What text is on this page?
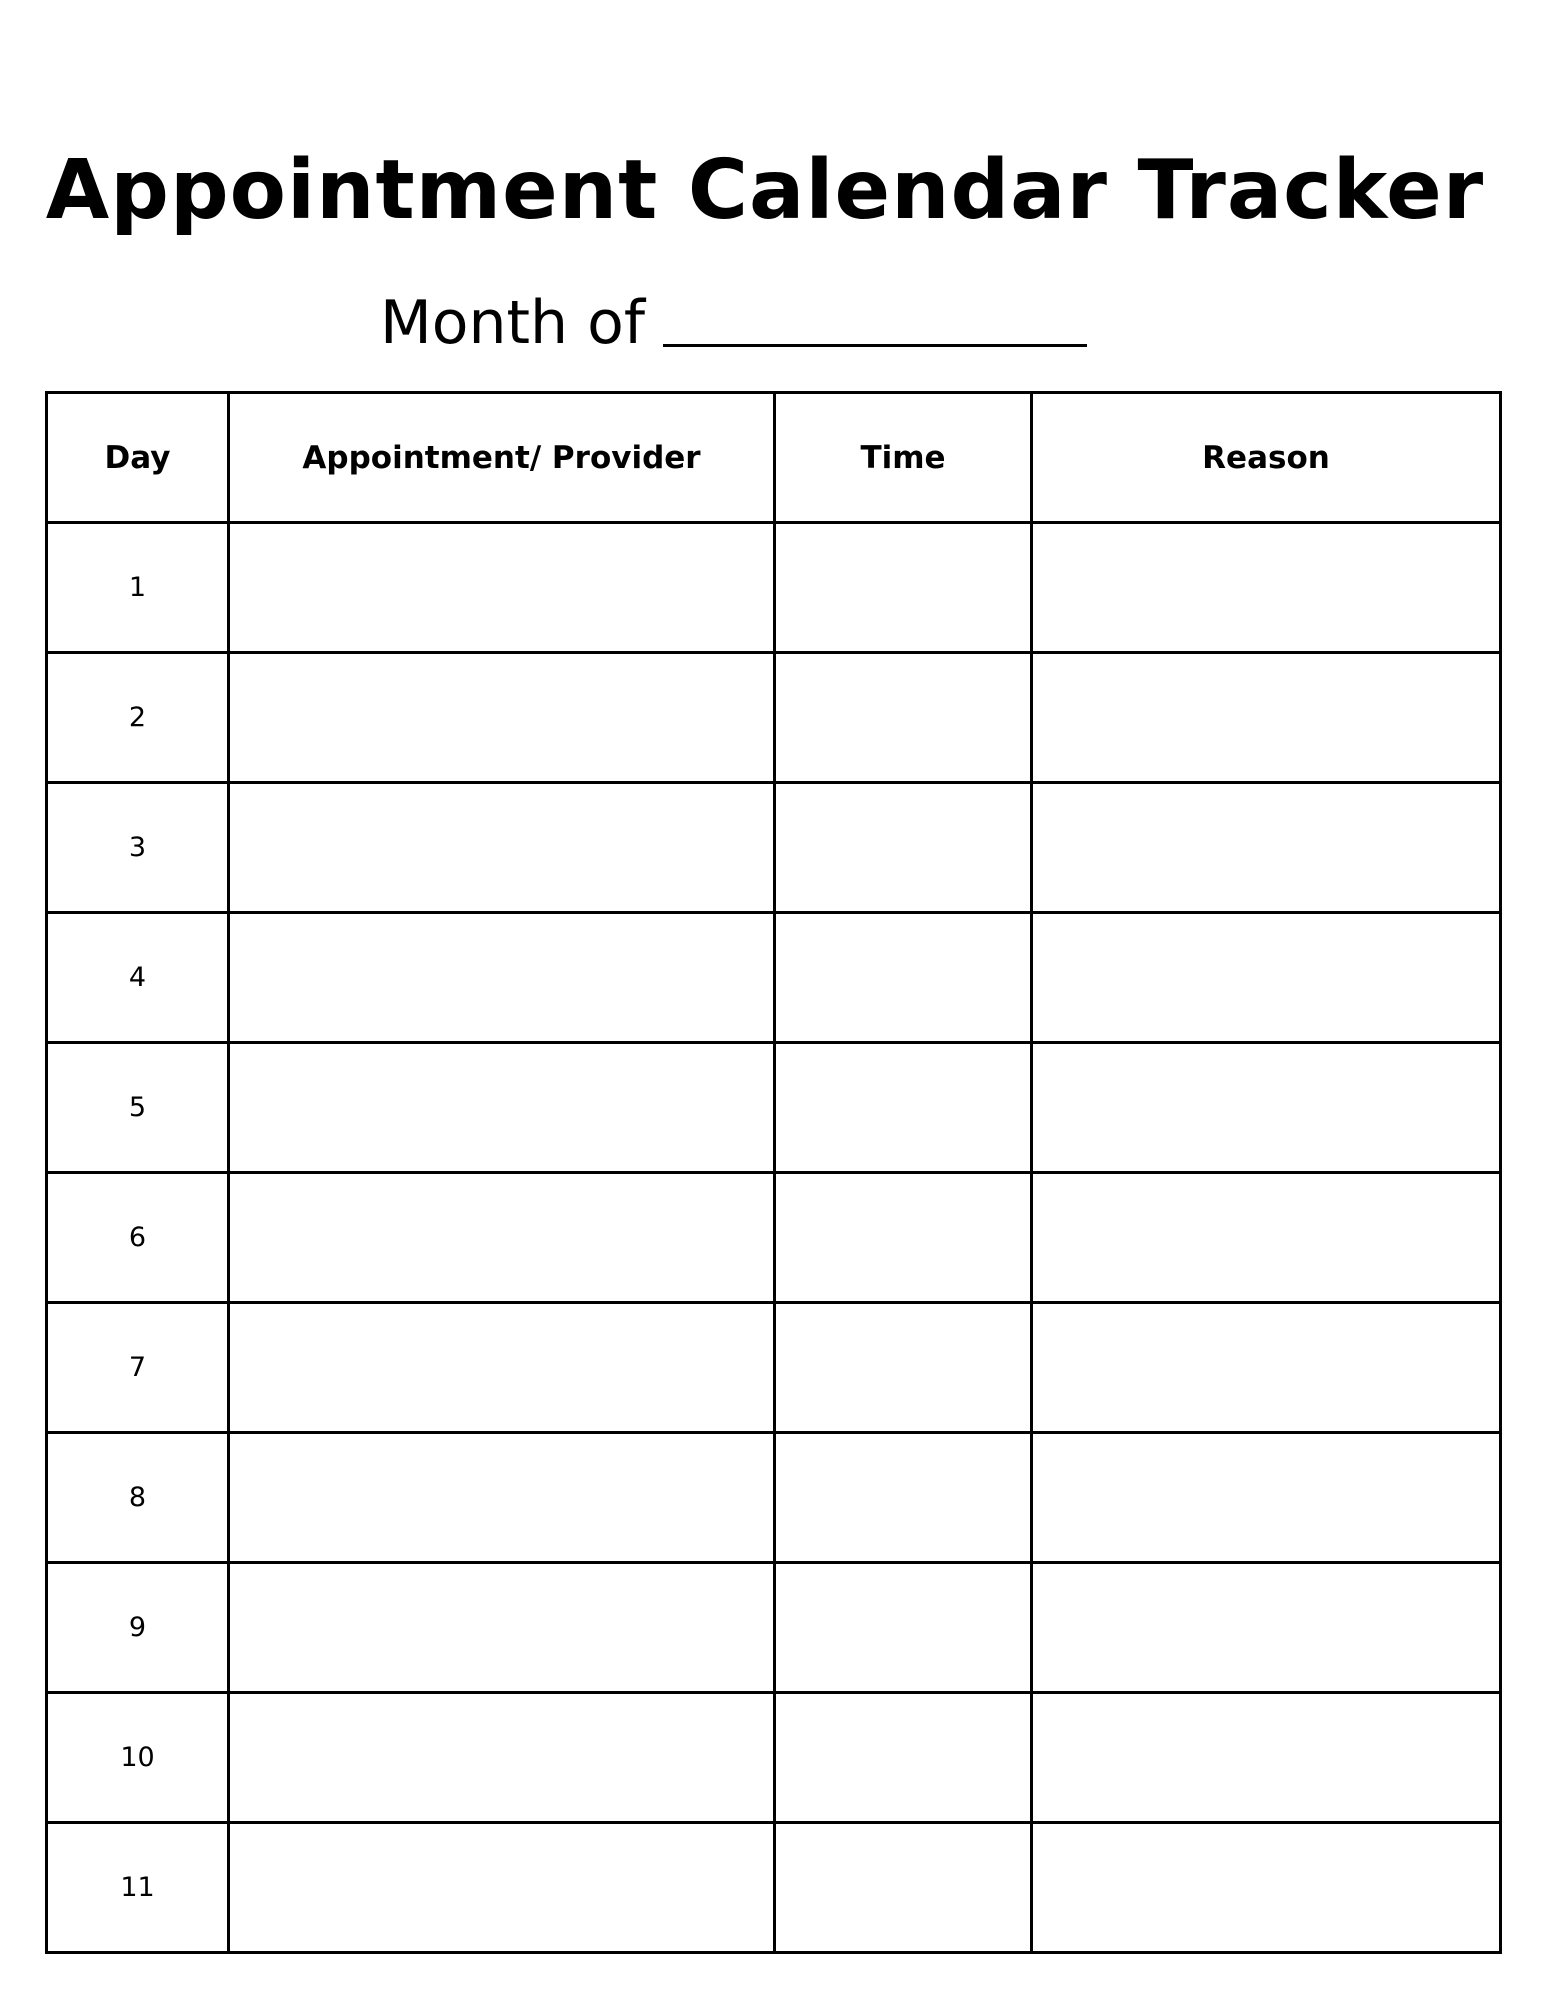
Appointment Calendar Tracker
Month of
Day	Appointment/ Provider	Time	Reason
1			
2			
3			
4			
5			
6			
7			
8			
9			
10			
11			
